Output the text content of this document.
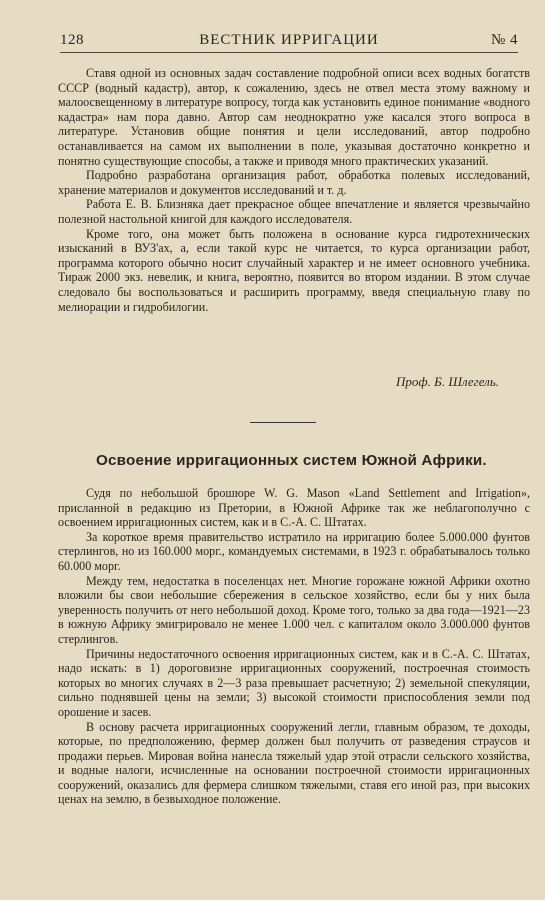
128	ВЕСТНИК ИРРИГАЦИИ	№ 4

Ставя одной из основных задач составление подробной описи всех водных богатств СССР (водный кадастр), автор, к сожалению, здесь не отвел места этому важному и малоосвещенному в литературе вопросу, тогда как установить единое понимание «водного кадастра» нам пора давно. Автор сам неоднократно уже касался этого вопроса в литературе. Установив общие понятия и цели исследований, автор подробно останавливается на самом их выполнении в поле, указывая достаточно конкретно и понятно существующие способы, а также и приводя много практических указаний.

Подробно разработана организация работ, обработка полевых исследований, хранение материалов и документов исследований и т. д.

Работа Е. В. Близняка дает прекрасное общее впечатление и является чрезвычайно полезной настольной книгой для каждого исследователя.

Кроме того, она может быть положена в основание курса гидротехнических изысканий в ВУЗ'ах, а, если такой курс не читается, то курса организации работ, программа которого обычно носит случайный характер и не имеет основного учебника. Тираж 2000 экз. невелик, и книга, вероятно, появится во втором издании. В этом случае следовало бы воспользоваться и расширить программу, введя специальную главу по мелиорации и гидробилогии.

Проф. Б. Шлегель.
Освоение ирригационных систем Южной Африки.

Судя по небольшой брошюре W. G. Mason «Land Settlement and Irrigation», присланной в редакцию из Претории, в Южной Африке так же неблагополучно с освоением ирригационных систем, как и в С.-А. С. Штатах.

За короткое время правительство истратило на ирригацию более 5.000.000 фунтов стерлингов, но из 160.000 морг., командуемых системами, в 1923 г. обрабатывалось только 60.000 морг.

Между тем, недостатка в поселенцах нет. Многие горожане южной Африки охотно вложили бы свои небольшие сбережения в сельское хозяйство, если бы у них была уверенность получить от него небольшой доход. Кроме того, только за два года—1921—23 в южную Африку эмигрировало не менее 1.000 чел. с капиталом около 3.000.000 фунтов стерлингов.

Причины недостаточного освоения ирригационных систем, как и в С.-А. С. Штатах, надо искать: в 1) дороговизне ирригационных сооружений, построечная стоимость которых во многих случаях в 2—3 раза превышает расчетную; 2) земельной спекуляции, сильно поднявшей цены на земли; 3) высокой стоимости приспособления земли под орошение и засев.

В основу расчета ирригационных сооружений легли, главным образом, те доходы, которые, по предположению, фермер должен был получить от разведения страусов и продажи перьев. Мировая война нанесла тяжелый удар этой отрасли сельского хозяйства, и водные налоги, исчисленные на основании построечной стоимости ирригационных сооружений, оказались для фермера слишком тяжелыми, ставя его иной раз, при высоких ценах на землю, в безвыходное положение.
